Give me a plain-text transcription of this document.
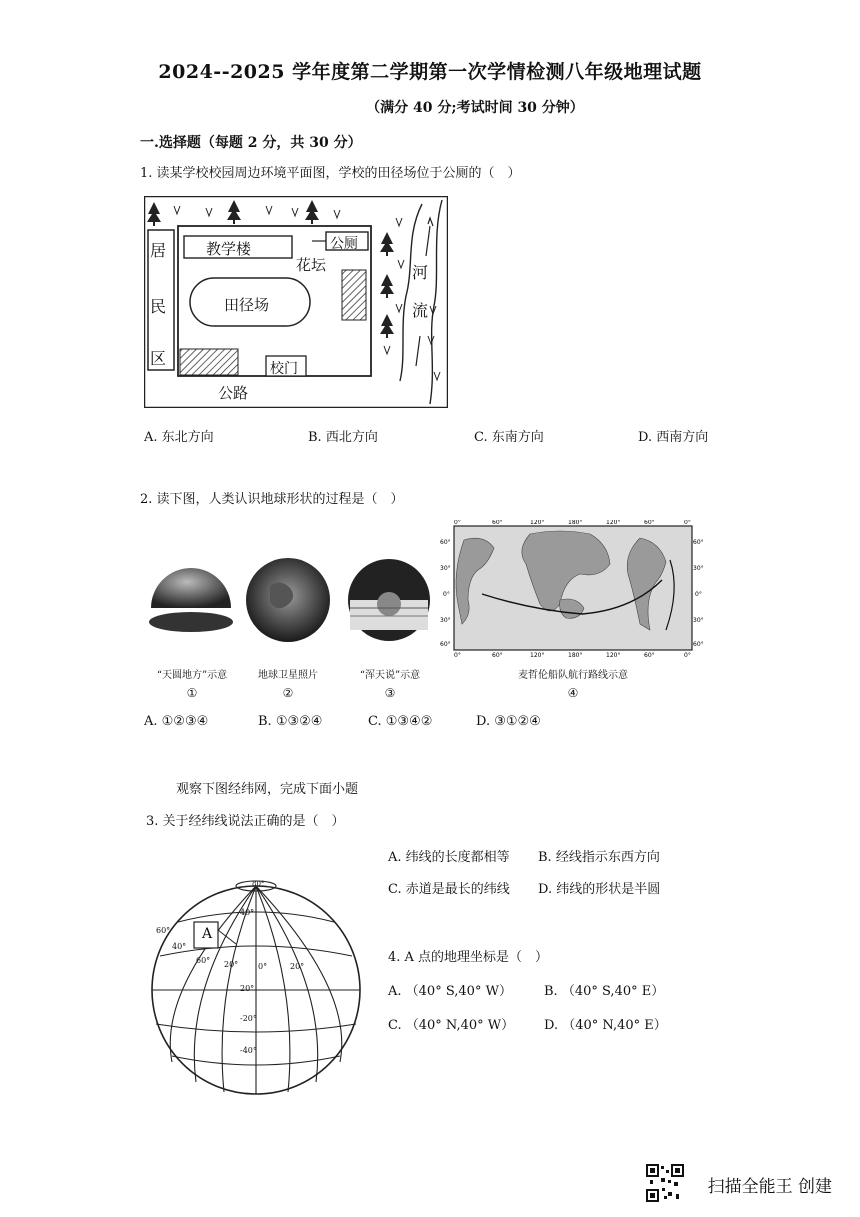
2024--2025 学年度第二学期第一次学情检测八年级地理试题
（满分 40 分;考试时间 30 分钟）
一.选择题（每题 2 分，共 30 分）
1. 读某学校校园周边环境平面图，学校的田径场位于公厕的（　）
居
民
区
教学楼	公厕
花坛
田径场
河
流
校门
公路
A. 东北方向	B. 西北方向	C. 东南方向	D. 西南方向
2. 读下图，人类认识地球形状的过程是（　）
0°	60°	120°	180°	120°	60°	0°
0°	60°	120°	180°	120°	60°	0°
60°
30°
0°
30°
60°
60°
30°
0°
30°
60°
“天圆地方”示意	地球卫星照片	“浑天说”示意	麦哲伦船队航行路线示意
①	②	③	④
A. ①②③④	B. ①③②④	C. ①③④②	D. ③①②④
观察下图经纬网，完成下面小题
3. 关于经纬线说法正确的是（　）
A
80°
60°
40°
60° 20° 0°	20°
20°
-20°
-40°
40°
A. 纬线的长度都相等 B. 经线指示东西方向
C. 赤道是最长的纬线 D. 纬线的形状是半圆
4. A 点的地理坐标是（　）
A. （40° S,40° W） B. （40° S,40° E）
C. （40° N,40° W） D. （40° N,40° E）
扫描全能王 创建
